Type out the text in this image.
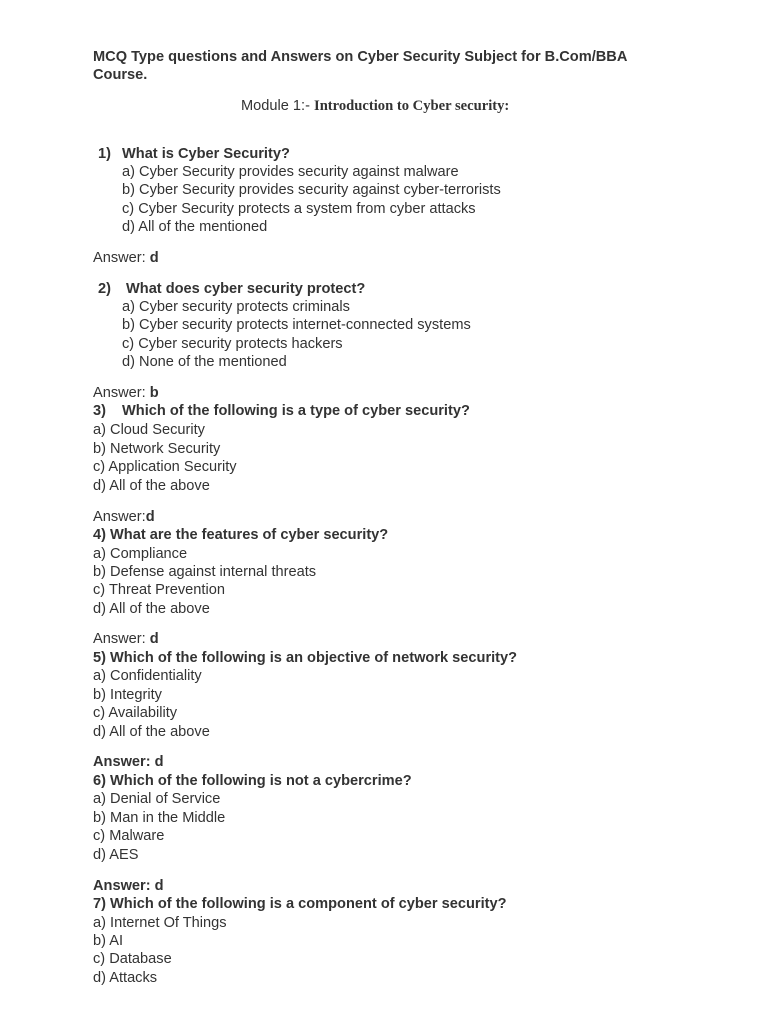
MCQ Type questions and Answers on Cyber Security Subject for B.Com/BBA
Course.
Module 1:- Introduction to Cyber security:
1) What is Cyber Security?
a) Cyber Security provides security against malware
b) Cyber Security provides security against cyber-terrorists
c) Cyber Security protects a system from cyber attacks
d) All of the mentioned
Answer: d
2) What does cyber security protect?
a) Cyber security protects criminals
b) Cyber security protects internet-connected systems
c) Cyber security protects hackers
d) None of the mentioned
Answer: b
3) Which of the following is a type of cyber security?
a) Cloud Security
b) Network Security
c) Application Security
d) All of the above
Answer:d
4) What are the features of cyber security?
a) Compliance
b) Defense against internal threats
c) Threat Prevention
d) All of the above
Answer: d
5) Which of the following is an objective of network security?
a) Confidentiality
b) Integrity
c) Availability
d) All of the above
Answer: d
6) Which of the following is not a cybercrime?
a) Denial of Service
b) Man in the Middle
c) Malware
d) AES
Answer: d
7) Which of the following is a component of cyber security?
a) Internet Of Things
b) AI
c) Database
d) Attacks
